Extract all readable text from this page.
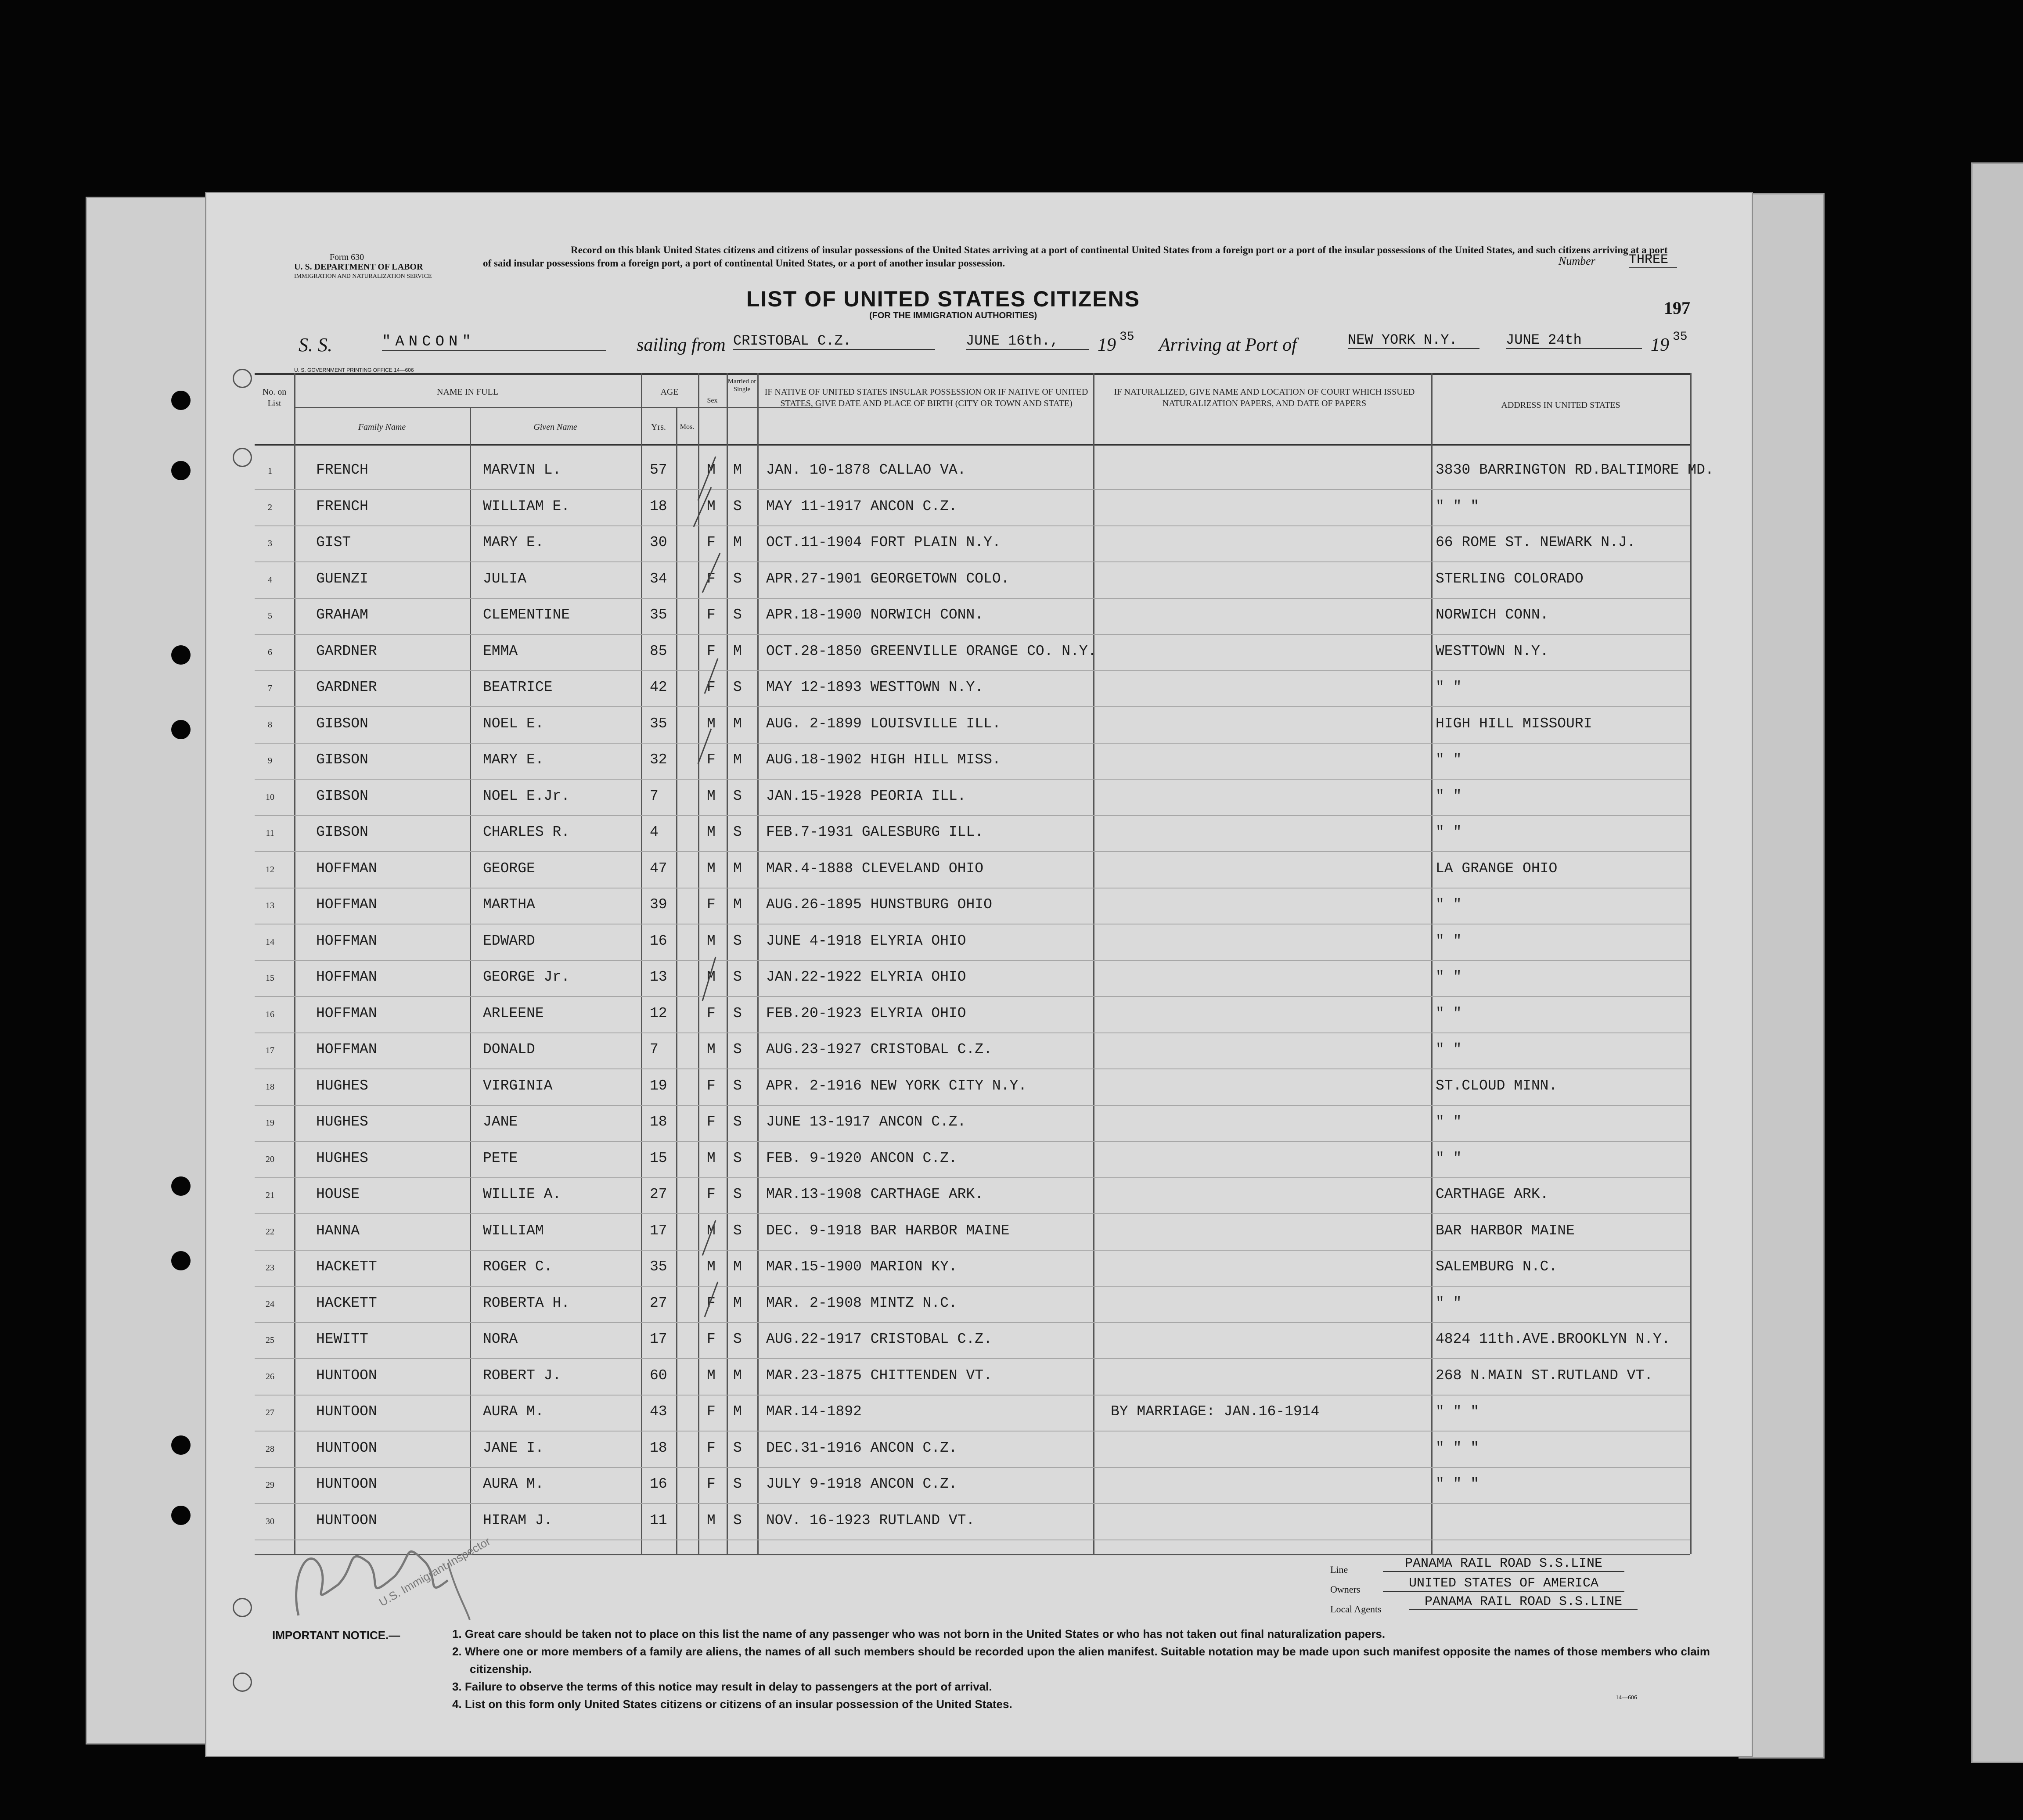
Form 630
U. S. DEPARTMENT OF LABOR
IMMIGRATION AND NATURALIZATION SERVICE
Record on this blank United States citizens and citizens of insular possessions of the United States arriving at a port of continental United States from a foreign port or a port of the insular possessions of the United States, and such citizens arriving at a port of said insular possessions from a foreign port, a port of continental United States, or a port of another insular possession.	Number	THREE
LIST OF UNITED STATES CITIZENS
(FOR THE IMMIGRATION AUTHORITIES)	197
S. S.	"ANCON"	sailing from CRISTOBAL C.Z.	JUNE 16th.,	19 35 Arriving at Port of	NEW YORK N.Y.	JUNE 24th	19 35
U. S. GOVERNMENT PRINTING OFFICE 14—606
No. on List
NAME IN FULL
Family Name	Given Name
AGE
Yrs.	Mos.
Sex
Married or Single	IF NATIVE OF UNITED STATES INSULAR POSSESSION OR IF NATIVE OF UNITED STATES, GIVE DATE AND PLACE OF BIRTH (CITY OR TOWN AND STATE)
IF NATURALIZED, GIVE NAME AND LOCATION OF COURT WHICH ISSUED NATURALIZATION PAPERS, AND DATE OF PAPERS	ADDRESS IN UNITED STATES
1	FRENCH	MARVIN L.	57	M M JAN. 10-1878 CALLAO VA.	3830 BARRINGTON RD.BALTIMORE MD.
2	FRENCH	WILLIAM E.	18	M S MAY 11-1917 ANCON C.Z.	" " "
3	GIST	MARY E.	30	F M OCT.11-1904 FORT PLAIN N.Y.	66 ROME ST. NEWARK N.J.
4	GUENZI	JULIA	34	F S APR.27-1901 GEORGETOWN COLO.	STERLING COLORADO
5	GRAHAM	CLEMENTINE	35	F S APR.18-1900 NORWICH CONN.	NORWICH CONN.
6	GARDNER	EMMA	85	F M OCT.28-1850 GREENVILLE ORANGE CO. N.Y.	WESTTOWN N.Y.
7	GARDNER	BEATRICE	42	F S MAY 12-1893 WESTTOWN N.Y.	" "
8	GIBSON	NOEL E.	35	M M AUG. 2-1899 LOUISVILLE ILL.	HIGH HILL MISSOURI
9	GIBSON	MARY E.	32	F M AUG.18-1902 HIGH HILL MISS.	" "
10	GIBSON	NOEL E.Jr.	7	M S JAN.15-1928 PEORIA ILL.	" "
11	GIBSON	CHARLES R.	4	M S FEB.7-1931 GALESBURG ILL.	" "
12	HOFFMAN	GEORGE	47	M M MAR.4-1888 CLEVELAND OHIO	LA GRANGE OHIO
13	HOFFMAN	MARTHA	39	F M AUG.26-1895 HUNSTBURG OHIO	" "
14	HOFFMAN	EDWARD	16	M S JUNE 4-1918 ELYRIA OHIO	" "
15	HOFFMAN	GEORGE Jr.	13	M S JAN.22-1922 ELYRIA OHIO	" "
16	HOFFMAN	ARLEENE	12	F S FEB.20-1923 ELYRIA OHIO	" "
17	HOFFMAN	DONALD	7	M S AUG.23-1927 CRISTOBAL C.Z.	" "
18	HUGHES	VIRGINIA	19	F S APR. 2-1916 NEW YORK CITY N.Y.	ST.CLOUD MINN.
19	HUGHES	JANE	18	F S JUNE 13-1917 ANCON C.Z.	" "
20	HUGHES	PETE	15	M S FEB. 9-1920 ANCON C.Z.	" "
21	HOUSE	WILLIE A.	27	F S MAR.13-1908 CARTHAGE ARK.	CARTHAGE ARK.
22	HANNA	WILLIAM	17	M S DEC. 9-1918 BAR HARBOR MAINE	BAR HARBOR MAINE
23	HACKETT	ROGER C.	35	M M MAR.15-1900 MARION KY.	SALEMBURG N.C.
24	HACKETT	ROBERTA H.	27	F M MAR. 2-1908 MINTZ N.C.	" "
25	HEWITT	NORA	17	F S AUG.22-1917 CRISTOBAL C.Z.	4824 11th.AVE.BROOKLYN N.Y.
26	HUNTOON	ROBERT J.	60	M M MAR.23-1875 CHITTENDEN VT.	268 N.MAIN ST.RUTLAND VT.
27	HUNTOON	AURA M.	43	F M MAR.14-1892	BY MARRIAGE: JAN.16-1914	" " "
28	HUNTOON	JANE I.	18	F S DEC.31-1916 ANCON C.Z.	" " "
29	HUNTOON	AURA M.	16	F S JULY 9-1918 ANCON C.Z.	" " "
30	HUNTOON	HIRAM J.	11	M S NOV. 16-1923 RUTLAND VT.
U.S. Immigrant Inspector	Line	PANAMA RAIL ROAD S.S.LINE
Owners	UNITED STATES OF AMERICA
Local Agents	PANAMA RAIL ROAD S.S.LINE
IMPORTANT NOTICE.—	1. Great care should be taken not to place on this list the name of any passenger who was not born in the United States or who has not taken out final naturalization papers.
2. Where one or more members of a family are aliens, the names of all such members should be recorded upon the alien manifest. Suitable notation may be made upon such manifest opposite the names of those members who claim citizenship.
3. Failure to observe the terms of this notice may result in delay to passengers at the port of arrival.
4. List on this form only United States citizens or citizens of an insular possession of the United States.	14—606
